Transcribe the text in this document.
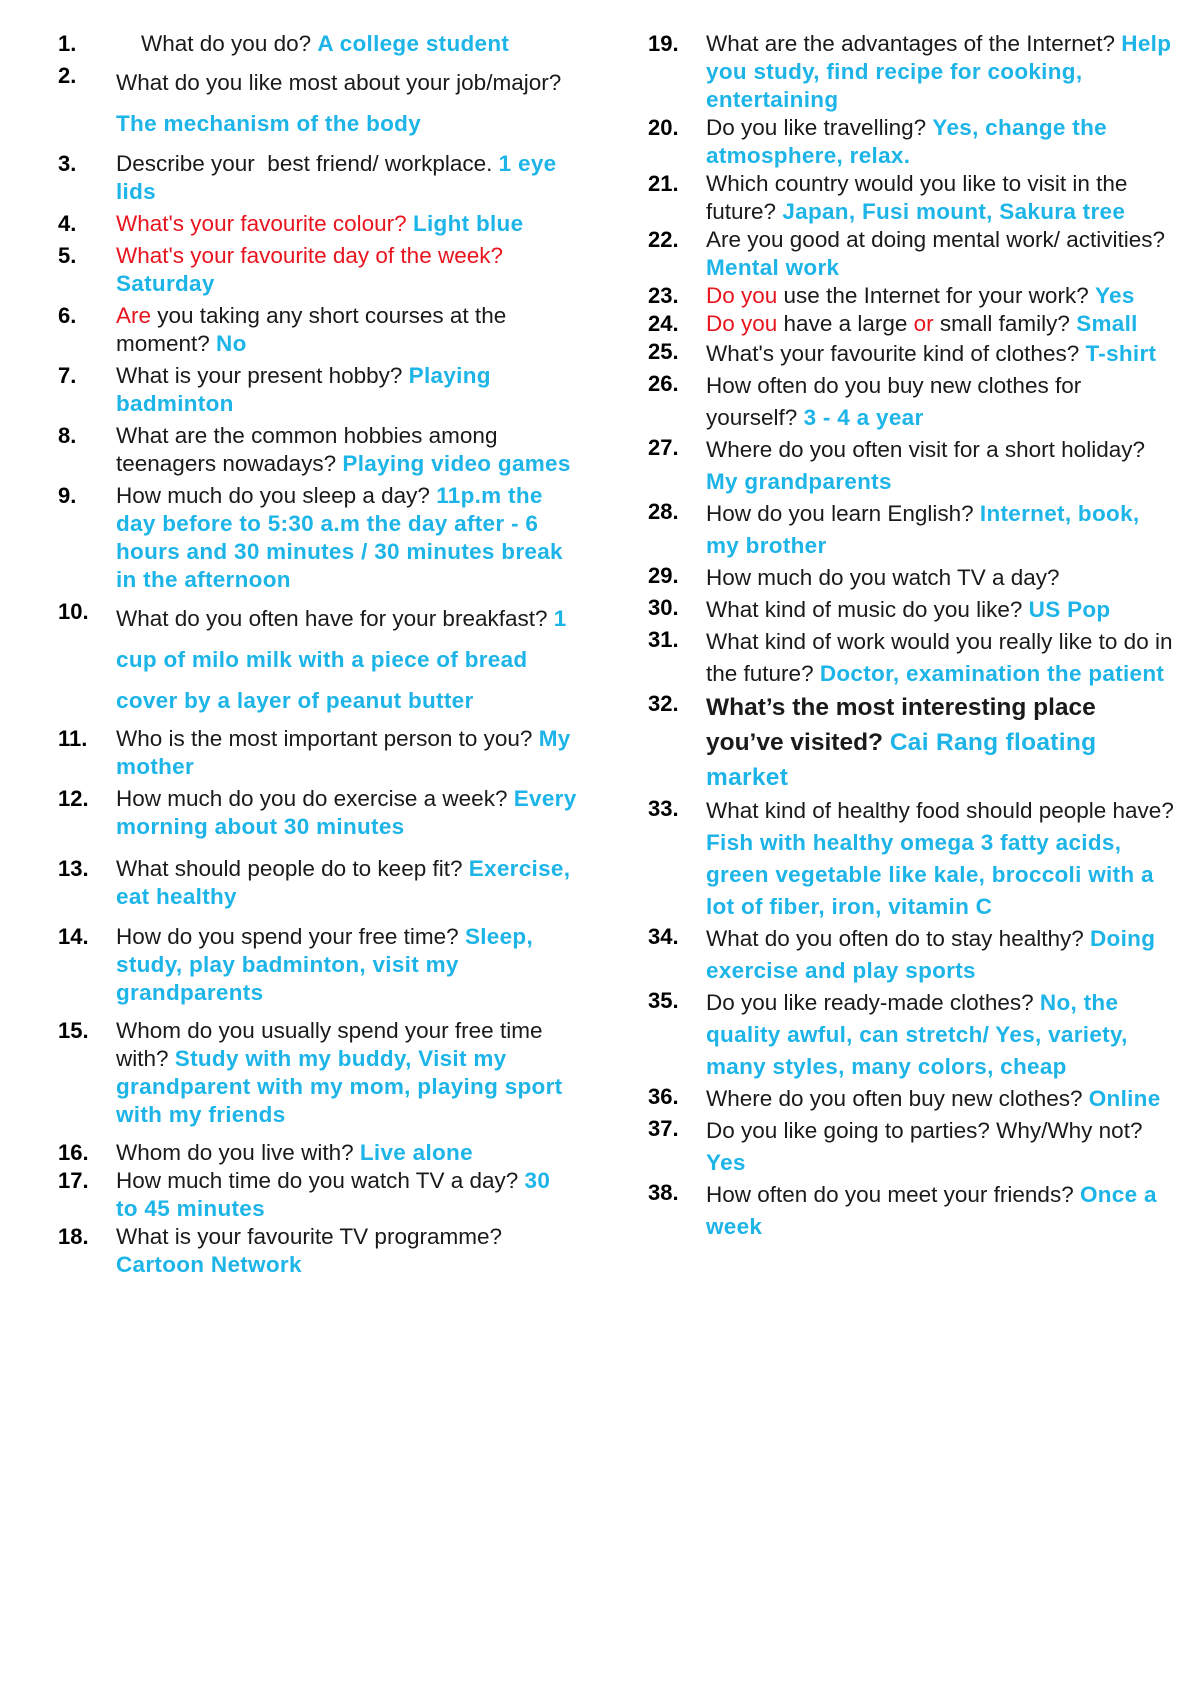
1.	What do you do? A college student
2.	What do you like most about your job/major? The mechanism of the body
3.	Describe your  best friend/ workplace. 1 eye lids
4.	What's your favourite colour? Light blue
5.	What's your favourite day of the week? Saturday
6.	Are you taking any short courses at the moment? No
7.	What is your present hobby? Playing badminton
8.	What are the common hobbies among teenagers nowadays? Playing video games
9.	How much do you sleep a day? 11p.m the day before to 5:30 a.m the day after - 6 hours and 30 minutes / 30 minutes break in the afternoon
10.	What do you often have for your breakfast? 1 cup of milo milk with a piece of bread cover by a layer of peanut butter
11.	Who is the most important person to you? My mother
12.	How much do you do exercise a week? Every morning about 30 minutes
13.	What should people do to keep fit? Exercise, eat healthy
14.	How do you spend your free time? Sleep, study, play badminton, visit my grandparents
15.	Whom do you usually spend your free time with? Study with my buddy, Visit my grandparent with my mom, playing sport with my friends
16.	Whom do you live with? Live alone
17.	How much time do you watch TV a day? 30 to 45 minutes
18.	What is your favourite TV programme? Cartoon Network
19.	What are the advantages of the Internet? Help you study, find recipe for cooking, entertaining
20.	Do you like travelling? Yes, change the atmosphere, relax.
21.	Which country would you like to visit in the future? Japan, Fusi mount, Sakura tree
22.	Are you good at doing mental work/ activities? Mental work
23.	Do you use the Internet for your work? Yes
24.	Do you have a large or small family? Small
25.	What's your favourite kind of clothes? T-shirt
26.	How often do you buy new clothes for yourself? 3 - 4 a year
27.	Where do you often visit for a short holiday? My grandparents
28.	How do you learn English? Internet, book, my brother
29.	How much do you watch TV a day?
30.	What kind of music do you like? US Pop
31.	What kind of work would you really like to do in the future? Doctor, examination the patient
32.	What’s the most interesting place you’ve visited? Cai Rang floating market
33.	What kind of healthy food should people have? Fish with healthy omega 3 fatty acids, green vegetable like kale, broccoli with a lot of fiber, iron, vitamin C
34.	What do you often do to stay healthy? Doing exercise and play sports
35.	Do you like ready-made clothes? No, the quality awful, can stretch/ Yes, variety, many styles, many colors, cheap
36.	Where do you often buy new clothes? Online
37.	Do you like going to parties? Why/Why not? Yes
38.	How often do you meet your friends? Once a week
